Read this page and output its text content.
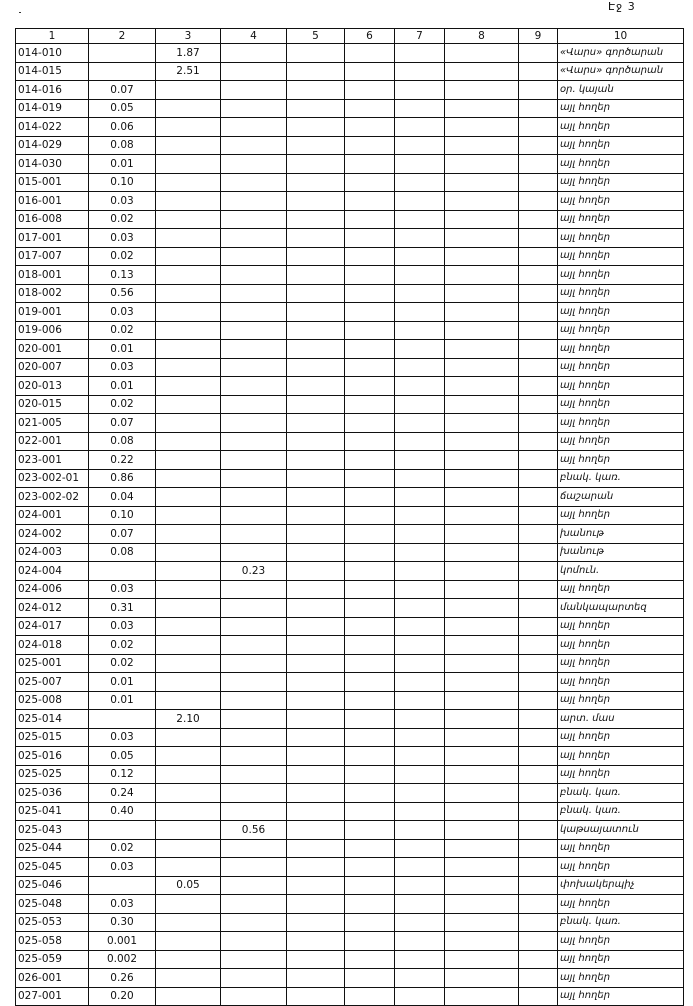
Էջ 3
1	2	3	4	5	6	7	8	9	10
014-010		1.87							«Վարս» գործարան
014-015		2.51							«Վարս» գործարան
014-016	0.07								օր. կայան
014-019	0.05								այլ հողեր
014-022	0.06								այլ հողեր
014-029	0.08								այլ հողեր
014-030	0.01								այլ հողեր
015-001	0.10								այլ հողեր
016-001	0.03								այլ հողեր
016-008	0.02								այլ հողեր
017-001	0.03								այլ հողեր
017-007	0.02								այլ հողեր
018-001	0.13								այլ հողեր
018-002	0.56								այլ հողեր
019-001	0.03								այլ հողեր
019-006	0.02								այլ հողեր
020-001	0.01								այլ հողեր
020-007	0.03								այլ հողեր
020-013	0.01								այլ հողեր
020-015	0.02								այլ հողեր
021-005	0.07								այլ հողեր
022-001	0.08								այլ հողեր
023-001	0.22								այլ հողեր
023-002-01	0.86								բնակ. կառ.
023-002-02	0.04								ճաշարան
024-001	0.10								այլ հողեր
024-002	0.07								խանութ
024-003	0.08								խանութ
024-004			0.23						կոմուն.
024-006	0.03								այլ հողեր
024-012	0.31								մանկապարտեզ
024-017	0.03								այլ հողեր
024-018	0.02								այլ հողեր
025-001	0.02								այլ հողեր
025-007	0.01								այլ հողեր
025-008	0.01								այլ հողեր
025-014		2.10							արտ. մաս
025-015	0.03								այլ հողեր
025-016	0.05								այլ հողեր
025-025	0.12								այլ հողեր
025-036	0.24								բնակ. կառ.
025-041	0.40								բնակ. կառ.
025-043			0.56						կաթսայատուն
025-044	0.02								այլ հողեր
025-045	0.03								այլ հողեր
025-046		0.05							փոխակերպիչ
025-048	0.03								այլ հողեր
025-053	0.30								բնակ. կառ.
025-058	0.001								այլ հողեր
025-059	0.002								այլ հողեր
026-001	0.26								այլ հողեր
027-001	0.20								այլ հողեր
